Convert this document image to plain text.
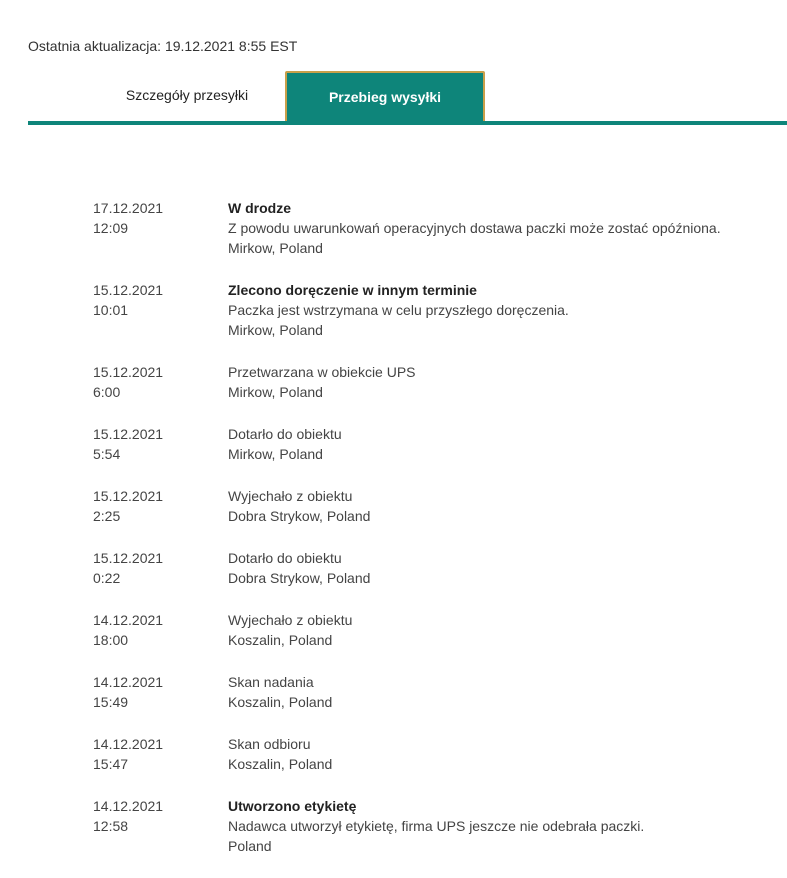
Ostatnia aktualizacja: 19.12.2021 8:55 EST
Szczegóły przesyłki	Przebieg wysyłki
17.12.2021
12:09
W drodze
Z powodu uwarunkowań operacyjnych dostawa paczki może zostać opóźniona.
Mirkow, Poland
15.12.2021
10:01
Zlecono doręczenie w innym terminie
Paczka jest wstrzymana w celu przyszłego doręczenia.
Mirkow, Poland
15.12.2021
6:00
Przetwarzana w obiekcie UPS
Mirkow, Poland
15.12.2021
5:54
Dotarło do obiektu
Mirkow, Poland
15.12.2021
2:25
Wyjechało z obiektu
Dobra Strykow, Poland
15.12.2021
0:22
Dotarło do obiektu
Dobra Strykow, Poland
14.12.2021
18:00
Wyjechało z obiektu
Koszalin, Poland
14.12.2021
15:49
Skan nadania
Koszalin, Poland
14.12.2021
15:47
Skan odbioru
Koszalin, Poland
14.12.2021
12:58
Utworzono etykietę
Nadawca utworzył etykietę, firma UPS jeszcze nie odebrała paczki.
Poland
